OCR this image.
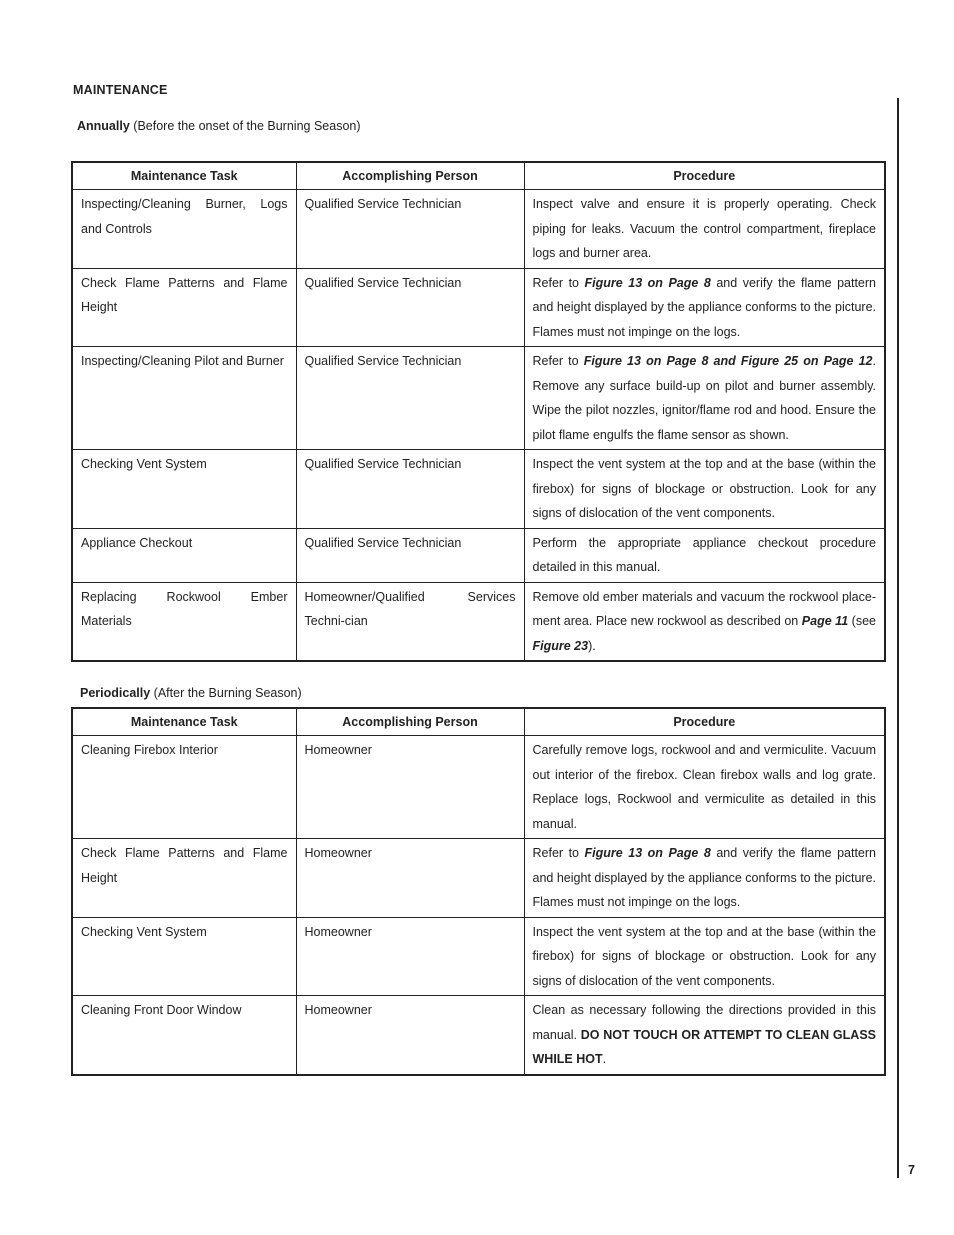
MAINTENANCE
Annually (Before the onset of the Burning Season)
Maintenance Task	Accomplishing Person	Procedure
Inspecting/Cleaning Burner, Logs and Controls	Qualified Service Technician	Inspect valve and ensure it is properly operating. Check piping for leaks. Vacuum the control compartment, fireplace logs and burner area.
Check Flame Patterns and Flame Height	Qualified Service Technician	Refer to Figure 13 on Page 8 and verify the flame pattern and height displayed by the appliance conforms to the picture. Flames must not impinge on the logs.
Inspecting/Cleaning Pilot and Burner	Qualified Service Technician	Refer to Figure 13 on Page 8 and Figure 25 on Page 12. Remove any surface build-up on pilot and burner assembly. Wipe the pilot nozzles, ignitor/flame rod and hood. Ensure the pilot flame engulfs the flame sensor as shown.
Checking Vent System	Qualified Service Technician	Inspect the vent system at the top and at the base (within the firebox) for signs of blockage or obstruction. Look for any signs of dislocation of the vent components.
Appliance Checkout	Qualified Service Technician	Perform the appropriate appliance checkout procedure detailed in this manual.
Replacing Rockwool Ember Materials	Homeowner/Qualified Services Techni-cian	Remove old ember materials and vacuum the rockwool place-ment area. Place new rockwool as described on Page 11 (see Figure 23).
Periodically (After the Burning Season)
Maintenance Task	Accomplishing Person	Procedure
Cleaning Firebox Interior	Homeowner	Carefully remove logs, rockwool and and vermiculite. Vacuum out interior of the firebox. Clean firebox walls and log grate. Replace logs, Rockwool and vermiculite as detailed in this manual.
Check Flame Patterns and Flame Height	Homeowner	Refer to Figure 13 on Page 8 and verify the flame pattern and height displayed by the appliance conforms to the picture. Flames must not impinge on the logs.
Checking Vent System	Homeowner	Inspect the vent system at the top and at the base (within the firebox) for signs of blockage or obstruction. Look for any signs of dislocation of the vent components.
Cleaning Front Door Window	Homeowner	Clean as necessary following the directions provided in this manual. DO NOT TOUCH OR ATTEMPT TO CLEAN GLASS WHILE HOT.
7
